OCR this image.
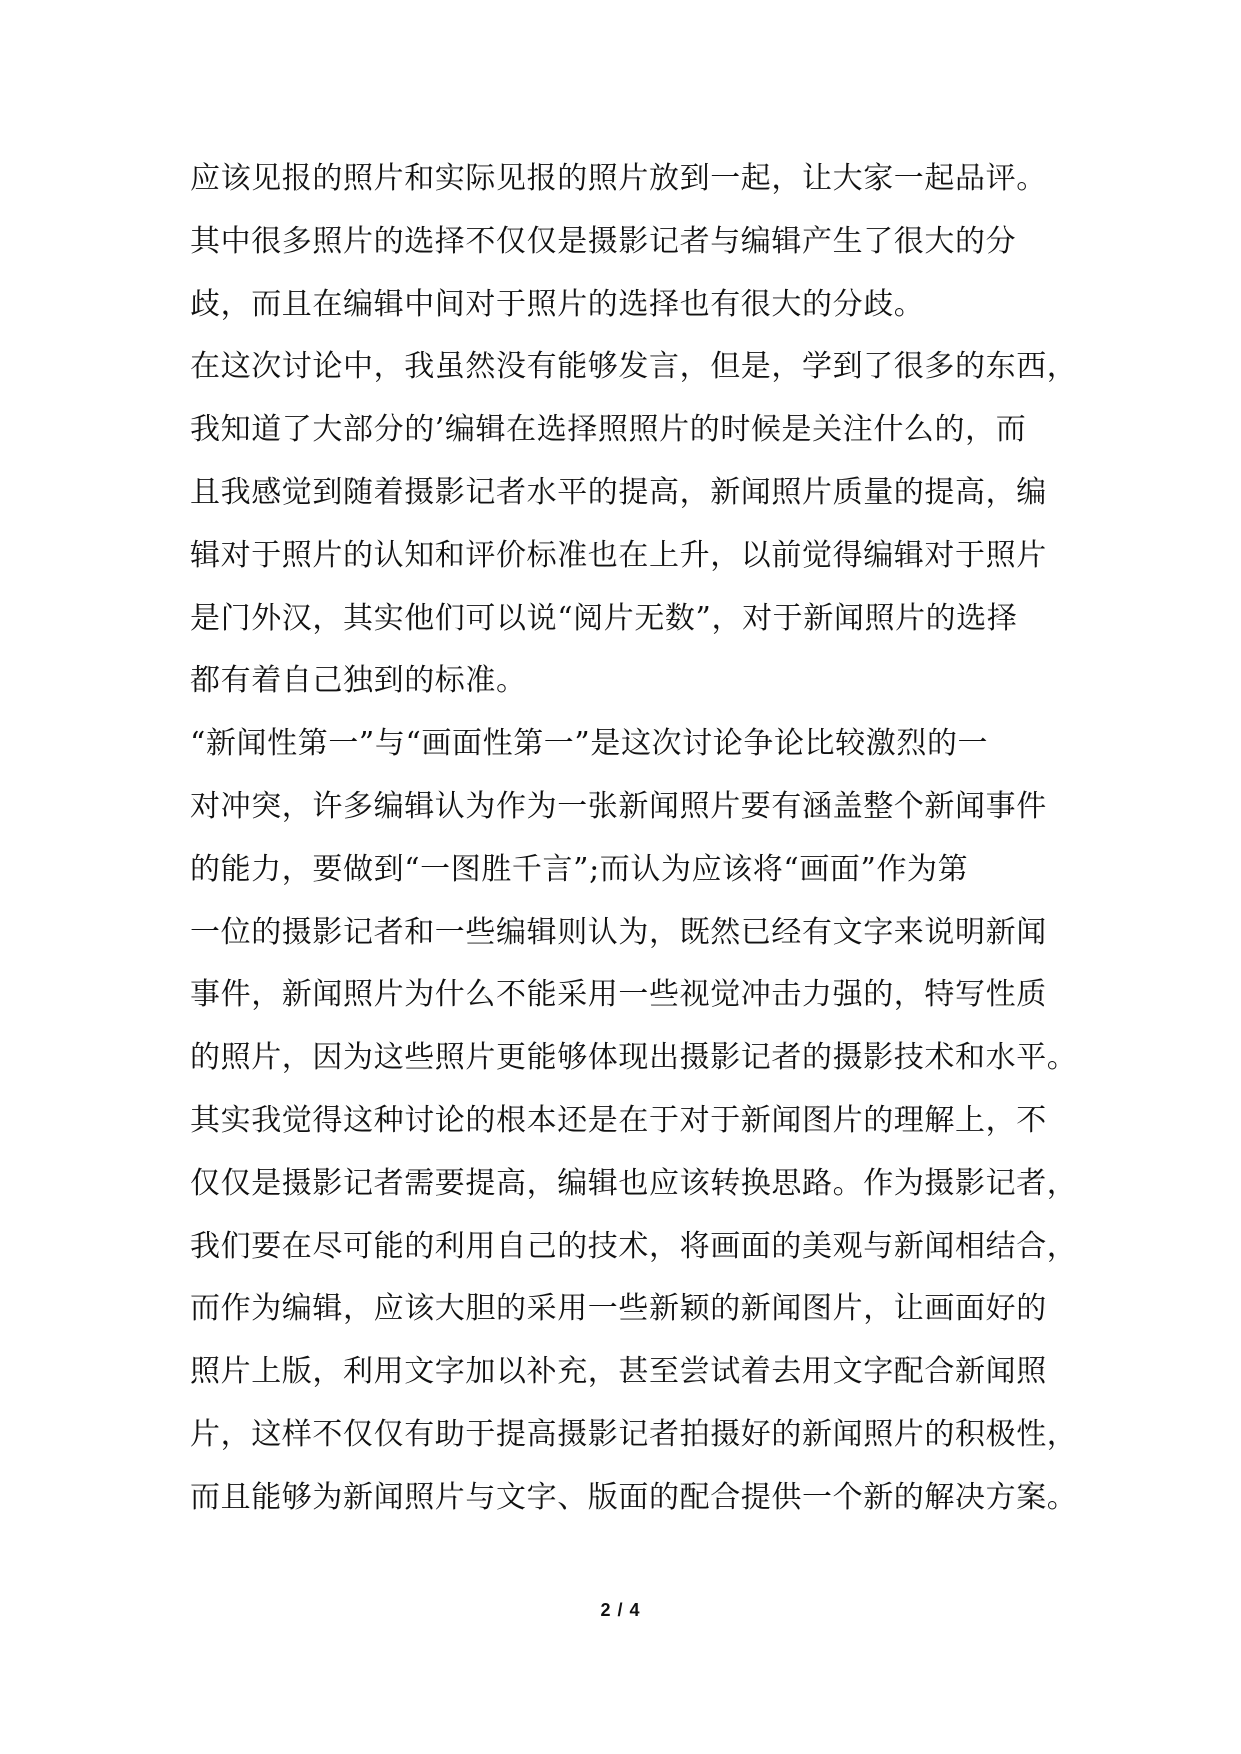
应该见报的照片和实际见报的照片放到一起，让大家一起品评。
其中很多照片的选择不仅仅是摄影记者与编辑产生了很大的分
歧，而且在编辑中间对于照片的选择也有很大的分歧。
在这次讨论中，我虽然没有能够发言，但是，学到了很多的东西，
我知道了大部分的’编辑在选择照照片的时候是关注什么的，而
且我感觉到随着摄影记者水平的提高，新闻照片质量的提高，编
辑对于照片的认知和评价标准也在上升，以前觉得编辑对于照片
是门外汉，其实他们可以说“阅片无数”，对于新闻照片的选择
都有着自己独到的标准。
“新闻性第一”与“画面性第一”是这次讨论争论比较激烈的一
对冲突，许多编辑认为作为一张新闻照片要有涵盖整个新闻事件
的能力，要做到“一图胜千言”;而认为应该将“画面”作为第
一位的摄影记者和一些编辑则认为，既然已经有文字来说明新闻
事件，新闻照片为什么不能采用一些视觉冲击力强的，特写性质
的照片，因为这些照片更能够体现出摄影记者的摄影技术和水平。
其实我觉得这种讨论的根本还是在于对于新闻图片的理解上，不
仅仅是摄影记者需要提高，编辑也应该转换思路。作为摄影记者，
我们要在尽可能的利用自己的技术，将画面的美观与新闻相结合，
而作为编辑，应该大胆的采用一些新颖的新闻图片，让画面好的
照片上版，利用文字加以补充，甚至尝试着去用文字配合新闻照
片，这样不仅仅有助于提高摄影记者拍摄好的新闻照片的积极性，
而且能够为新闻照片与文字、版面的配合提供一个新的解决方案。
2 / 4
